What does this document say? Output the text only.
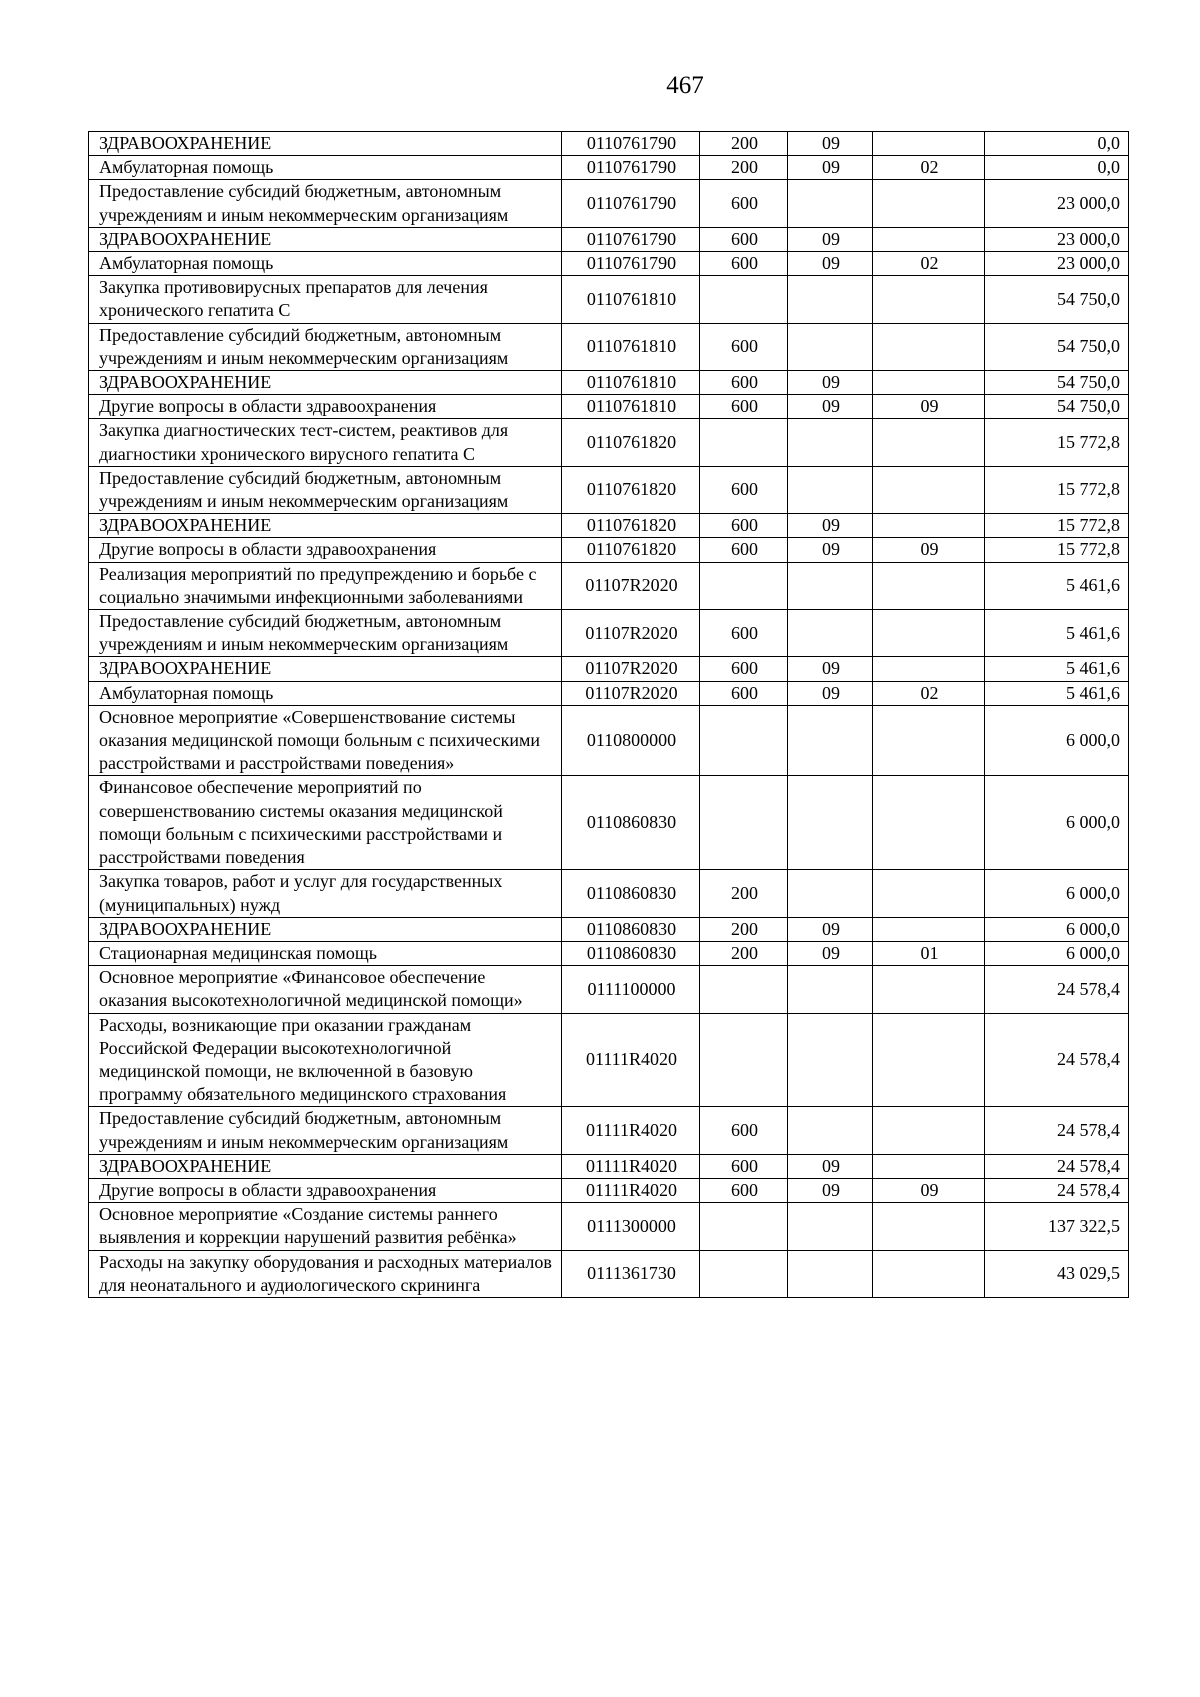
467
ЗДРАВООХРАНЕНИЕ	0110761790	200	09		0,0
Амбулаторная помощь	0110761790	200	09	02	0,0
Предоставление субсидий бюджетным, автономным учреждениям и иным некоммерческим организациям	0110761790	600			23 000,0
ЗДРАВООХРАНЕНИЕ	0110761790	600	09		23 000,0
Амбулаторная помощь	0110761790	600	09	02	23 000,0
Закупка противовирусных препаратов для лечения хронического гепатита С	0110761810				54 750,0
Предоставление субсидий бюджетным, автономным учреждениям и иным некоммерческим организациям	0110761810	600			54 750,0
ЗДРАВООХРАНЕНИЕ	0110761810	600	09		54 750,0
Другие вопросы в области здравоохранения	0110761810	600	09	09	54 750,0
Закупка диагностических тест-систем, реактивов для диагностики хронического вирусного гепатита С	0110761820				15 772,8
Предоставление субсидий бюджетным, автономным учреждениям и иным некоммерческим организациям	0110761820	600			15 772,8
ЗДРАВООХРАНЕНИЕ	0110761820	600	09		15 772,8
Другие вопросы в области здравоохранения	0110761820	600	09	09	15 772,8
Реализация мероприятий по предупреждению и борьбе с социально значимыми инфекционными заболеваниями	01107R2020				5 461,6
Предоставление субсидий бюджетным, автономным учреждениям и иным некоммерческим организациям	01107R2020	600			5 461,6
ЗДРАВООХРАНЕНИЕ	01107R2020	600	09		5 461,6
Амбулаторная помощь	01107R2020	600	09	02	5 461,6
Основное мероприятие «Совершенствование системы оказания медицинской помощи больным с психическими расстройствами и расстройствами поведения»	0110800000				6 000,0
Финансовое обеспечение мероприятий по совершенствованию системы оказания медицинской помощи больным с психическими расстройствами и расстройствами поведения	0110860830				6 000,0
Закупка товаров, работ и услуг для государственных (муниципальных) нужд	0110860830	200			6 000,0
ЗДРАВООХРАНЕНИЕ	0110860830	200	09		6 000,0
Стационарная медицинская помощь	0110860830	200	09	01	6 000,0
Основное мероприятие «Финансовое обеспечение оказания высокотехнологичной медицинской помощи»	0111100000				24 578,4
Расходы, возникающие при оказании гражданам Российской Федерации высокотехнологичной медицинской помощи, не включенной в базовую программу обязательного медицинского страхования	01111R4020				24 578,4
Предоставление субсидий бюджетным, автономным учреждениям и иным некоммерческим организациям	01111R4020	600			24 578,4
ЗДРАВООХРАНЕНИЕ	01111R4020	600	09		24 578,4
Другие вопросы в области здравоохранения	01111R4020	600	09	09	24 578,4
Основное мероприятие «Создание системы раннего выявления и коррекции нарушений развития ребёнка»	0111300000				137 322,5
Расходы на закупку оборудования и расходных материалов для неонатального и аудиологического скрининга	0111361730				43 029,5
